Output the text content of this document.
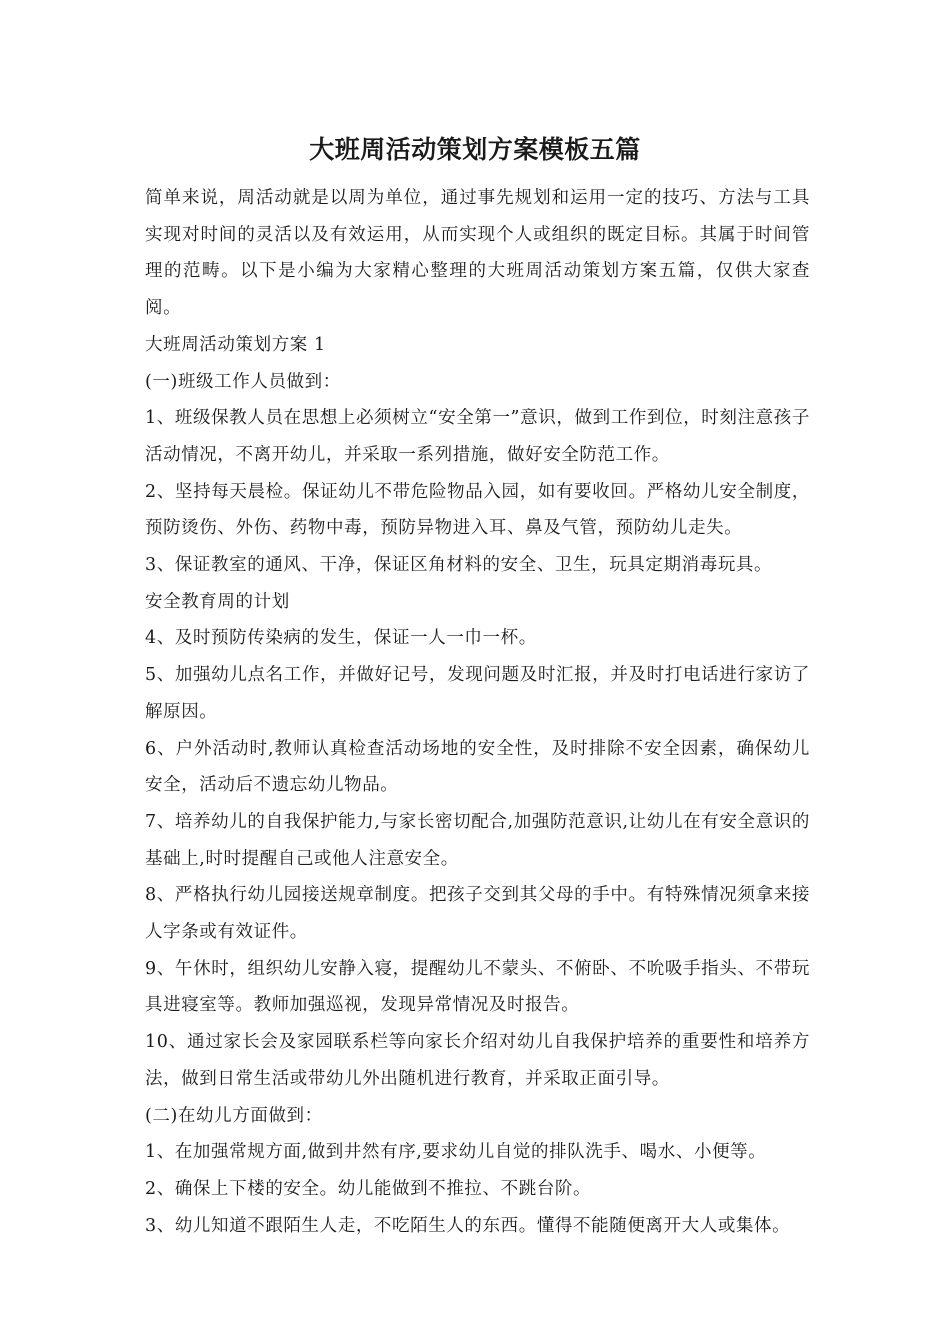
大班周活动策划方案模板五篇

简单来说，周活动就是以周为单位，通过事先规划和运用一定的技巧、方法与工具实现对时间的灵活以及有效运用，从而实现个人或组织的既定目标。其属于时间管理的范畴。以下是小编为大家精心整理的大班周活动策划方案五篇，仅供大家查阅。

大班周活动策划方案 1

(一)班级工作人员做到：

1、班级保教人员在思想上必须树立“安全第一”意识，做到工作到位，时刻注意孩子活动情况，不离开幼儿，并采取一系列措施，做好安全防范工作。

2、坚持每天晨检。保证幼儿不带危险物品入园，如有要收回。严格幼儿安全制度，预防烫伤、外伤、药物中毒，预防异物进入耳、鼻及气管，预防幼儿走失。

3、保证教室的通风、干净，保证区角材料的安全、卫生，玩具定期消毒玩具。

安全教育周的计划

4、及时预防传染病的发生，保证一人一巾一杯。

5、加强幼儿点名工作，并做好记号，发现问题及时汇报，并及时打电话进行家访了解原因。

6、户外活动时,教师认真检查活动场地的安全性，及时排除不安全因素，确保幼儿安全，活动后不遗忘幼儿物品。

7、培养幼儿的自我保护能力,与家长密切配合,加强防范意识,让幼儿在有安全意识的基础上,时时提醒自己或他人注意安全。

8、严格执行幼儿园接送规章制度。把孩子交到其父母的手中。有特殊情况须拿来接人字条或有效证件。

9、午休时，组织幼儿安静入寝，提醒幼儿不蒙头、不俯卧、不吮吸手指头、不带玩具进寝室等。教师加强巡视，发现异常情况及时报告。

10、通过家长会及家园联系栏等向家长介绍对幼儿自我保护培养的重要性和培养方法，做到日常生活或带幼儿外出随机进行教育，并采取正面引导。

(二)在幼儿方面做到：

1、在加强常规方面,做到井然有序,要求幼儿自觉的排队洗手、喝水、小便等。

2、确保上下楼的安全。幼儿能做到不推拉、不跳台阶。

3、幼儿知道不跟陌生人走，不吃陌生人的东西。懂得不能随便离开大人或集体。
